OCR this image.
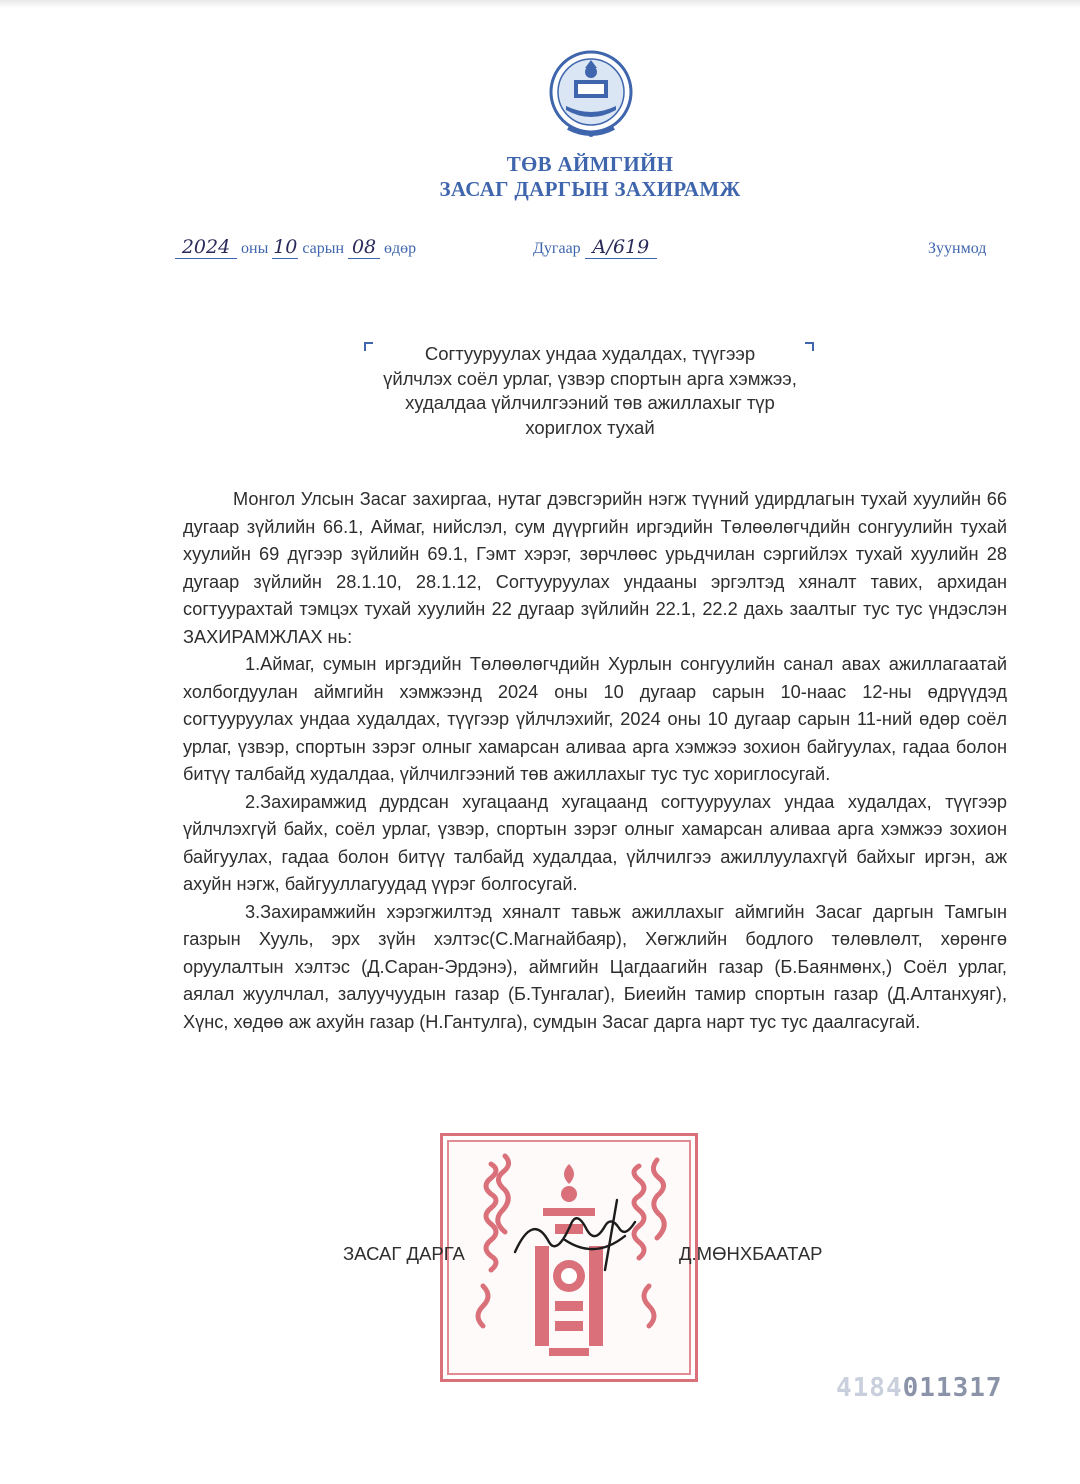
ТӨВ АЙМГИЙН
ЗАСАГ ДАРГЫН ЗАХИРАМЖ
2024 оны 10 сарын 08 өдөр	Дугаар А/619	Зуунмод
Согтууруулах ундаа худалдах, түүгээр
үйлчлэх соёл урлаг, үзвэр спортын арга хэмжээ,
худалдаа үйлчилгээний төв ажиллахыг түр
хориглох тухай

Монгол Улсын Засаг захиргаа, нутаг дэвсгэрийн нэгж түүний удирдлагын тухай хуулийн 66 дугаар зүйлийн 66.1, Аймаг, нийслэл, сум дүүргийн иргэдийн Төлөөлөгчдийн сонгуулийн тухай хуулийн 69 дүгээр зүйлийн 69.1, Гэмт хэрэг, зөрчлөөс урьдчилан сэргийлэх тухай хуулийн 28 дугаар зүйлийн 28.1.10, 28.1.12, Согтууруулах ундааны эргэлтэд хяналт тавих, архидан согтуурахтай тэмцэх тухай хуулийн 22 дугаар зүйлийн 22.1, 22.2 дахь заалтыг тус тус үндэслэн ЗАХИРАМЖЛАХ нь:

1.Аймаг, сумын иргэдийн Төлөөлөгчдийн Хурлын сонгуулийн санал авах ажиллагаатай холбогдуулан аймгийн хэмжээнд 2024 оны 10 дугаар сарын 10-наас 12-ны өдрүүдэд согтууруулах ундаа худалдах, түүгээр үйлчлэхийг, 2024 оны 10 дугаар сарын 11-ний өдөр соёл урлаг, үзвэр, спортын зэрэг олныг хамарсан аливаа арга хэмжээ зохион байгуулах, гадаа болон битүү талбайд худалдаа, үйлчилгээний төв ажиллахыг тус тус хориглосугай.

2.Захирамжид дурдсан хугацаанд хугацаанд согтууруулах ундаа худалдах, түүгээр үйлчлэхгүй байх, соёл урлаг, үзвэр, спортын зэрэг олныг хамарсан аливаа арга хэмжээ зохион байгуулах, гадаа болон битүү талбайд худалдаа, үйлчилгээ ажиллуулахгүй байхыг иргэн, аж ахуйн нэгж, байгууллагуудад үүрэг болгосугай.

3.Захирамжийн хэрэгжилтэд хяналт тавьж ажиллахыг аймгийн Засаг даргын Тамгын газрын Хууль, эрх зүйн хэлтэс(С.Магнайбаяр), Хөгжлийн бодлого төлөвлөлт, хөрөнгө оруулалтын хэлтэс (Д.Саран-Эрдэнэ), аймгийн Цагдаагийн газар (Б.Баянмөнх,) Соёл урлаг, аялал жуулчлал, залуучуудын газар (Б.Тунгалаг), Биеийн тамир спортын газар (Д.Алтанхуяг), Хүнс, хөдөө аж ахуйн газар (Н.Гантулга), сумдын Засаг дарга нарт тус тус даалгасугай.

ЗАСАГ ДАРГА	Д.МӨНХБААТАР
4184011317
